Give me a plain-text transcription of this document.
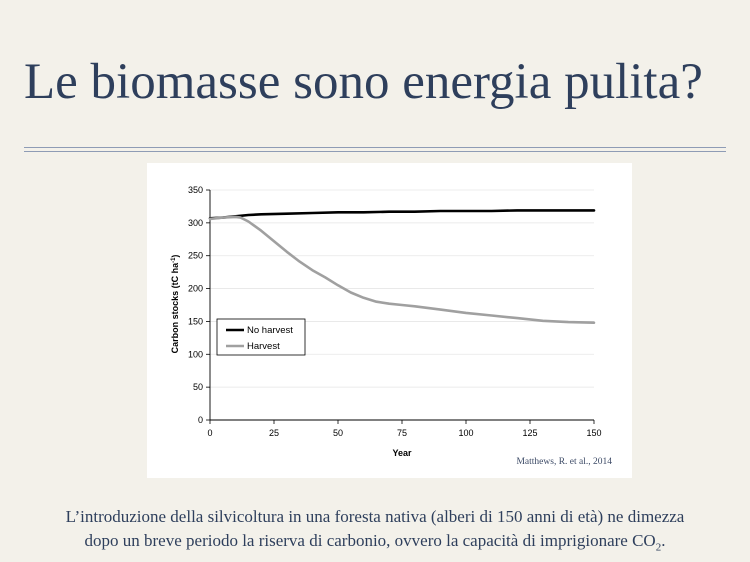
Le biomasse sono energia pulita?
0
50
100
150
200
250
300
350
0	25	50	75	100	125	150
Year
Carbon stocks (tC $ha^{-1}$)
No harvest
Harvest
Matthews, R. et al., 2014

L’introduzione della silvicoltura in una foresta nativa (alberi di 150 anni di età) ne dimezza dopo un breve periodo la riserva di carbonio, ovvero la capacità di imprigionare $CO_2$.
